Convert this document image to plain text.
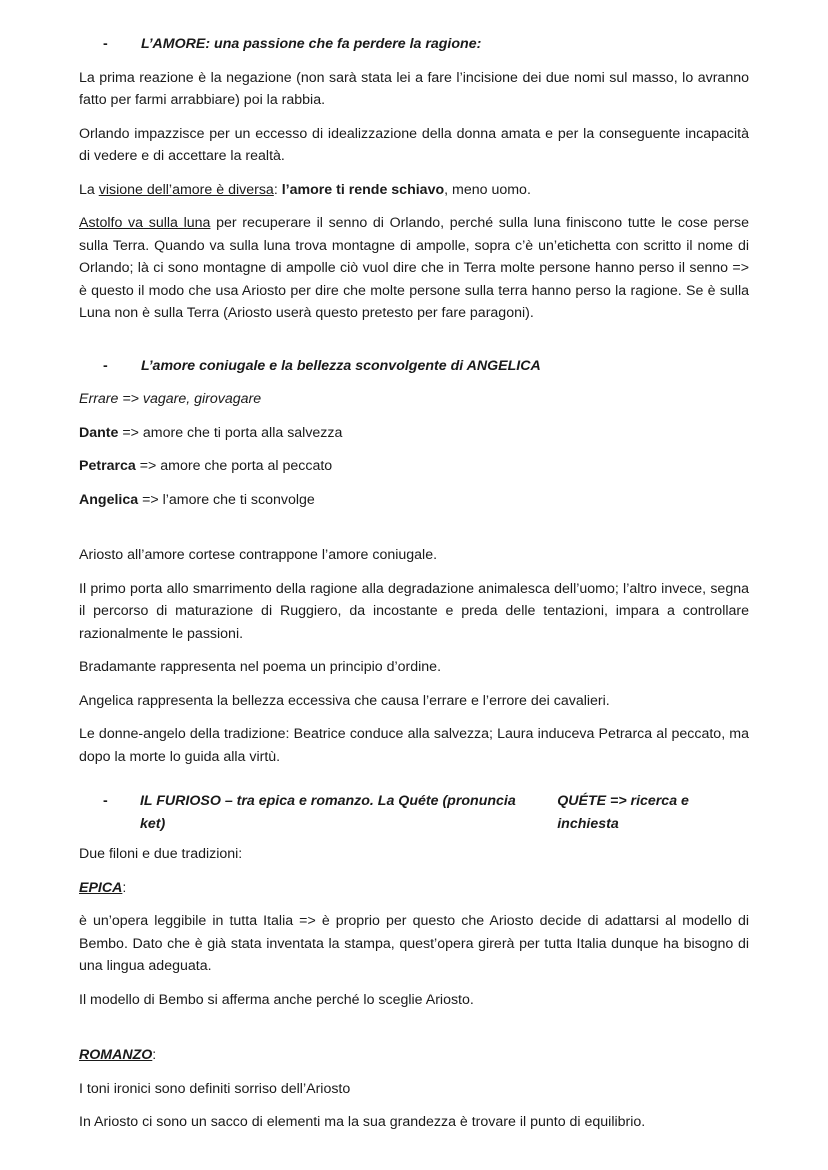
-	L’AMORE: una passione che fa perdere la ragione:

La prima reazione è la negazione (non sarà stata lei a fare l’incisione dei due nomi sul masso, lo avranno fatto per farmi arrabbiare) poi la rabbia.

Orlando impazzisce per un eccesso di idealizzazione della donna amata e per la conseguente incapacità di vedere e di accettare la realtà.

La visione dell’amore è diversa: l’amore ti rende schiavo, meno uomo.

Astolfo va sulla luna per recuperare il senno di Orlando, perché sulla luna finiscono tutte le cose perse sulla Terra. Quando va sulla luna trova montagne di ampolle, sopra c’è un’etichetta con scritto il nome di Orlando; là ci sono montagne di ampolle ciò vuol dire che in Terra molte persone hanno perso il senno => è questo il modo che usa Ariosto per dire che molte persone sulla terra hanno perso la ragione. Se è sulla Luna non è sulla Terra (Ariosto userà questo pretesto per fare paragoni).

-	L’amore coniugale e la bellezza sconvolgente di ANGELICA

Errare => vagare, girovagare

Dante => amore che ti porta alla salvezza

Petrarca => amore che porta al peccato

Angelica => l’amore che ti sconvolge

Ariosto all’amore cortese contrappone l’amore coniugale.

Il primo porta allo smarrimento della ragione alla degradazione animalesca dell’uomo; l’altro invece, segna il percorso di maturazione di Ruggiero, da incostante e preda delle tentazioni, impara a controllare razionalmente le passioni.

Bradamante rappresenta nel poema un principio d’ordine.

Angelica rappresenta la bellezza eccessiva che causa l’errare e l’errore dei cavalieri.

Le donne-angelo della tradizione: Beatrice conduce alla salvezza; Laura induceva Petrarca al peccato, ma dopo la morte lo guida alla virtù.

-	IL FURIOSO – tra epica e romanzo. La Quéte (pronuncia ket)
QUÉTE => ricerca e inchiesta

Due filoni e due tradizioni:

EPICA:

è un’opera leggibile in tutta Italia => è proprio per questo che Ariosto decide di adattarsi al modello di Bembo. Dato che è già stata inventata la stampa, quest’opera girerà per tutta Italia dunque ha bisogno di una lingua adeguata.

Il modello di Bembo si afferma anche perché lo sceglie Ariosto.

ROMANZO:

I toni ironici sono definiti sorriso dell’Ariosto

In Ariosto ci sono un sacco di elementi ma la sua grandezza è trovare il punto di equilibrio.
